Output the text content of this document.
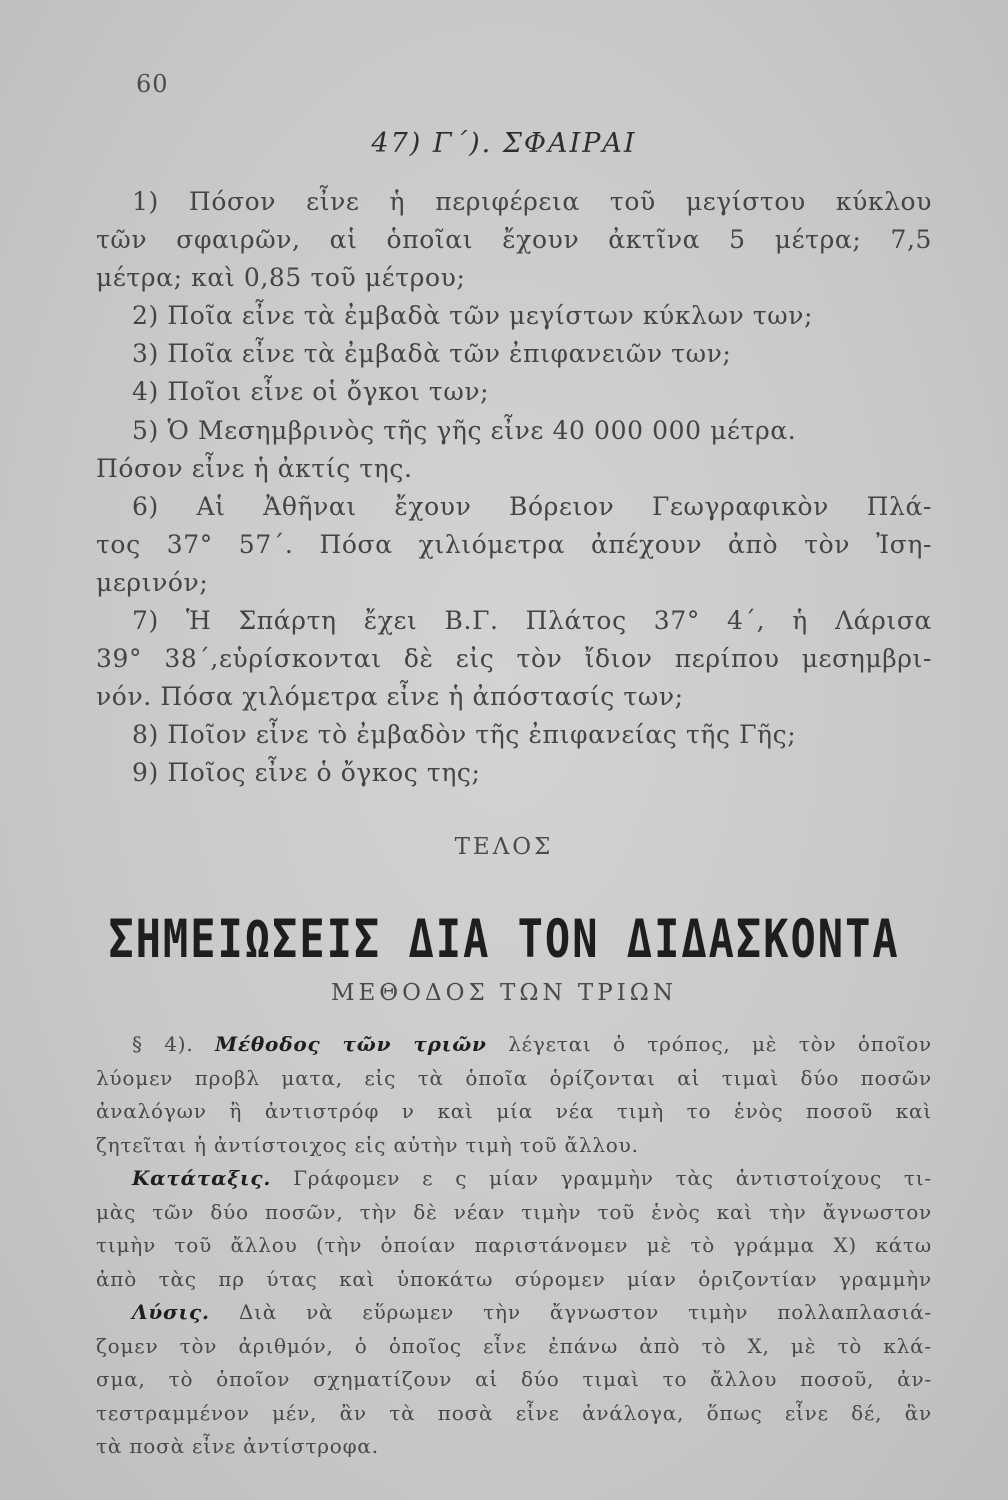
60
47) Γ΄). ΣΦΑΙΡΑΙ
1) Πόσον εἶνε ἡ περιφέρεια τοῦ μεγίστου κύκλου
τῶν σφαιρῶν, αἱ ὁποῖαι ἔχουν ἀκτῖνα 5 μέτρα; 7,5
μέτρα; καὶ 0,85 τοῦ μέτρου;
2) Ποῖα εἶνε τὰ ἐμβαδὰ τῶν μεγίστων κύκλων των;
3) Ποῖα εἶνε τὰ ἐμβαδὰ τῶν ἐπιφανειῶν των;
4) Ποῖοι εἶνε οἱ ὄγκοι των;
5) Ὁ Μεσημβρινὸς τῆς γῆς εἶνε 40 000 000 μέτρα.
Πόσον εἶνε ἡ ἀκτίς της.
6) Αἱ Ἀθῆναι ἔχουν Βόρειον Γεωγραφικὸν Πλά-
τος 37° 57΄. Πόσα χιλιόμετρα ἀπέχουν ἀπὸ τὸν Ἰση-
μερινόν;
7) Ἡ Σπάρτη ἔχει Β.Γ. Πλάτος 37° 4΄, ἡ Λάρισα
39° 38΄,εὑρίσκονται δὲ εἰς τὸν ἴδιον περίπου μεσημβρι-
νόν. Πόσα χιλόμετρα εἶνε ἡ ἀπόστασίς των;
8) Ποῖον εἶνε τὸ ἐμβαδὸν τῆς ἐπιφανείας τῆς Γῆς;
9) Ποῖος εἶνε ὁ ὄγκος της;
ΤΕΛΟΣ
ΣΗΜΕΙΩΣΕΙΣ ΔΙΑ ΤΟΝ ΔΙΔΑΣΚΟΝΤΑ
ΜΕΘΟΔΟΣ ΤΩΝ ΤΡΙΩΝ
§ 4). Μέθοδος τῶν τριῶν λέγεται ὁ τρόπος, μὲ τὸν ὁποῖον
λύομεν προβλ ματα, εἰς τὰ ὁποῖα ὁρίζονται αἱ τιμαὶ δύο ποσῶν
ἀναλόγων ἢ ἀντιστρόφ ν καὶ μία νέα τιμὴ το ἑνὸς ποσοῦ καὶ
ζητεῖται ἡ ἀντίστοιχος εἰς αὐτὴν τιμὴ τοῦ ἄλλου.
Κατάταξις. Γράφομεν ε ς μίαν γραμμὴν τὰς ἀντιστοίχους τι-
μὰς τῶν δύο ποσῶν, τὴν δὲ νέαν τιμὴν τοῦ ἑνὸς καὶ τὴν ἄγνωστον
τιμὴν τοῦ ἄλλου (τὴν ὁποίαν παριστάνομεν μὲ τὸ γράμμα Χ) κάτω
ἀπὸ τὰς πρ ύτας καὶ ὑποκάτω σύρομεν μίαν ὁριζοντίαν γραμμὴν
Λύσις. Διὰ νὰ εὕρωμεν τὴν ἄγνωστον τιμὴν πολλαπλασιά-
ζομεν τὸν ἀριθμόν, ὁ ὁποῖος εἶνε ἐπάνω ἀπὸ τὸ Χ, μὲ τὸ κλά-
σμα, τὸ ὁποῖον σχηματίζουν αἱ δύο τιμαὶ το ἄλλου ποσοῦ, ἀν-
τεστραμμένον μέν, ἂν τὰ ποσὰ εἶνε ἀνάλογα, ὅπως εἶνε δέ, ἂν
τὰ ποσὰ εἶνε ἀντίστροφα.
